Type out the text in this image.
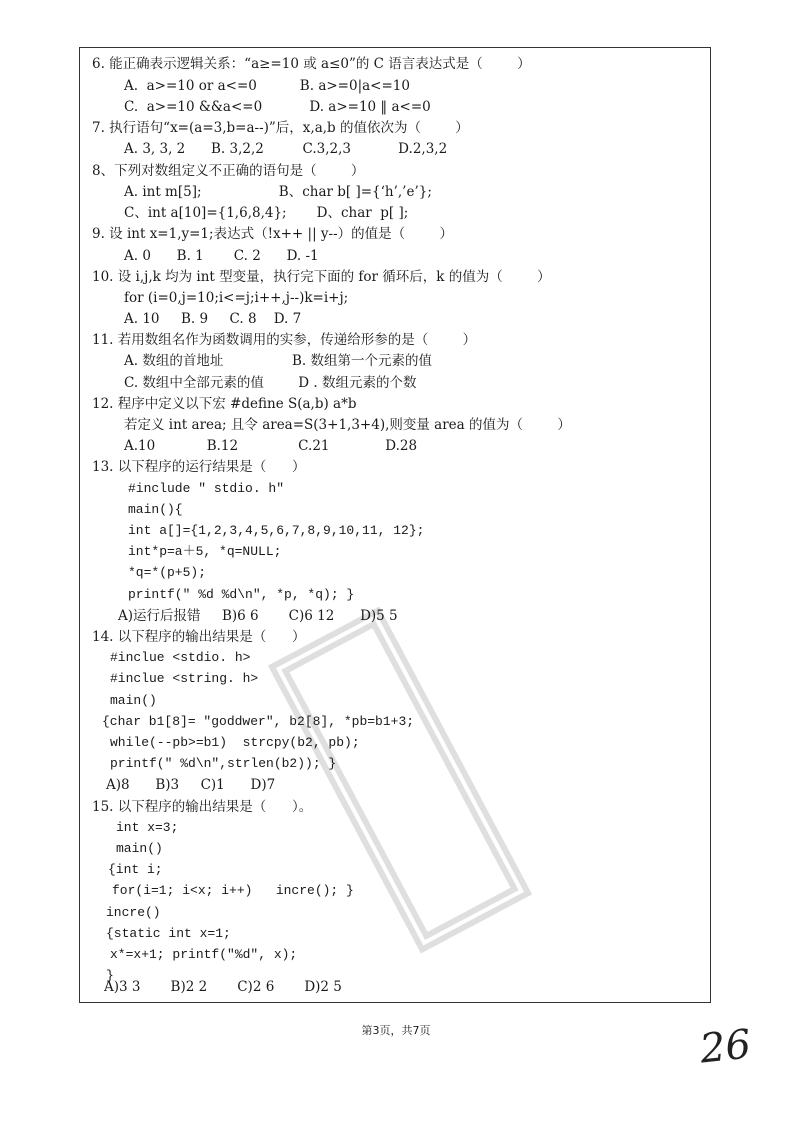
6. 能正确表示逻辑关系：“a≥=10 或 a≤0”的 C 语言表达式是（        ）
A.  a>=10 or a<=0          B. a>=0|a<=10
C.  a>=10 &&a<=0           D. a>=10 ‖ a<=0
7. 执行语句“x=(a=3,b=a--)”后，x,a,b 的值依次为（        ）
A. 3, 3, 2      B. 3,2,2         C.3,2,3           D.2,3,2
8、下列对数组定义不正确的语句是（        ）
A. int m[5];                  B、char b[ ]={‘h’,’e’};
C、int a[10]={1,6,8,4};       D、char  p[ ];
9. 设 int x=1,y=1;表达式（!x++ || y--）的值是（        ）
A. 0      B. 1       C. 2      D. -1
10. 设 i,j,k 均为 int 型变量，执行完下面的 for 循环后，k 的值为（        ）
for (i=0,j=10;i<=j;i++,j--)k=i+j;
A. 10     B. 9     C. 8    D. 7
11. 若用数组名作为函数调用的实参，传递给形参的是（        ）
A. 数组的首地址                B. 数组第一个元素的值
C. 数组中全部元素的值        D . 数组元素的个数
12. 程序中定义以下宏 #define S(a,b) a*b
若定义 int area; 且令 area=S(3+1,3+4),则变量 area 的值为（        ）
A.10            B.12              C.21             D.28
13. 以下程序的运行结果是（      ）
#include " stdio. h"
main(){
int a[]={1,2,3,4,5,6,7,8,9,10,11, 12};
int*p=a＋5, *q=NULL;
*q=*(p+5);
printf(" %d %d\n", *p, *q); }
A)运行后报错     B)6 6       C)6 12      D)5 5
14. 以下程序的输出结果是（      ）
#inclue <stdio. h>
#inclue <string. h>
main()
{char b1[8]= "goddwer", b2[8], *pb=b1+3;
while(--pb>=b1)  strcpy(b2, pb);
printf(" %d\n",strlen(b2)); }
A)8      B)3     C)1      D)7
15. 以下程序的输出结果是（      ）。
int x=3;
main()
{int i;
for(i=1; i<x; i++)   incre(); }
incre()
{static int x=1;
x*=x+1; printf("%d", x);
}
A)3 3       B)2 2       C)2 6       D)2 5
第3页，共7页	26
